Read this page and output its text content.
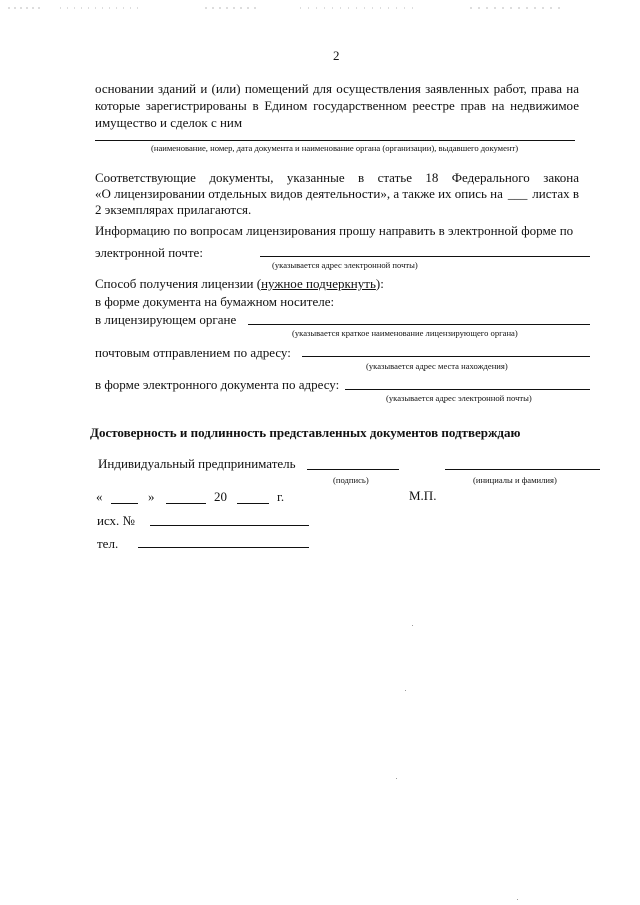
2
основании зданий и (или) помещений для осуществления заявленных работ, права на
которые зарегистрированы в Едином государственном реестре прав на недвижимое
имущество и сделок с ним
(наименование, номер, дата документа и наименование органа (организации), выдавшего документ)
Соответствующие документы, указанные в статье 18 Федерального закона
«О лицензировании отдельных видов деятельности», а также их опись на ___ листах в
2 экземплярах прилагаются.
Информацию по вопросам лицензирования прошу направить в электронной форме по
электронной почте:
(указывается адрес электронной почты)
Способ получения лицензии (нужное подчеркнуть):
в форме документа на бумажном носителе:
в лицензирующем органе
(указывается краткое наименование лицензирующего органа)
почтовым отправлением по адресу:
(указывается адрес места нахождения)
в форме электронного документа по адресу:
(указывается адрес электронной почты)
Достоверность и подлинность представленных документов подтверждаю
Индивидуальный предприниматель
(подпись)	(инициалы и фамилия)
«	»	20	г.	М.П.
исх. №
тел.
